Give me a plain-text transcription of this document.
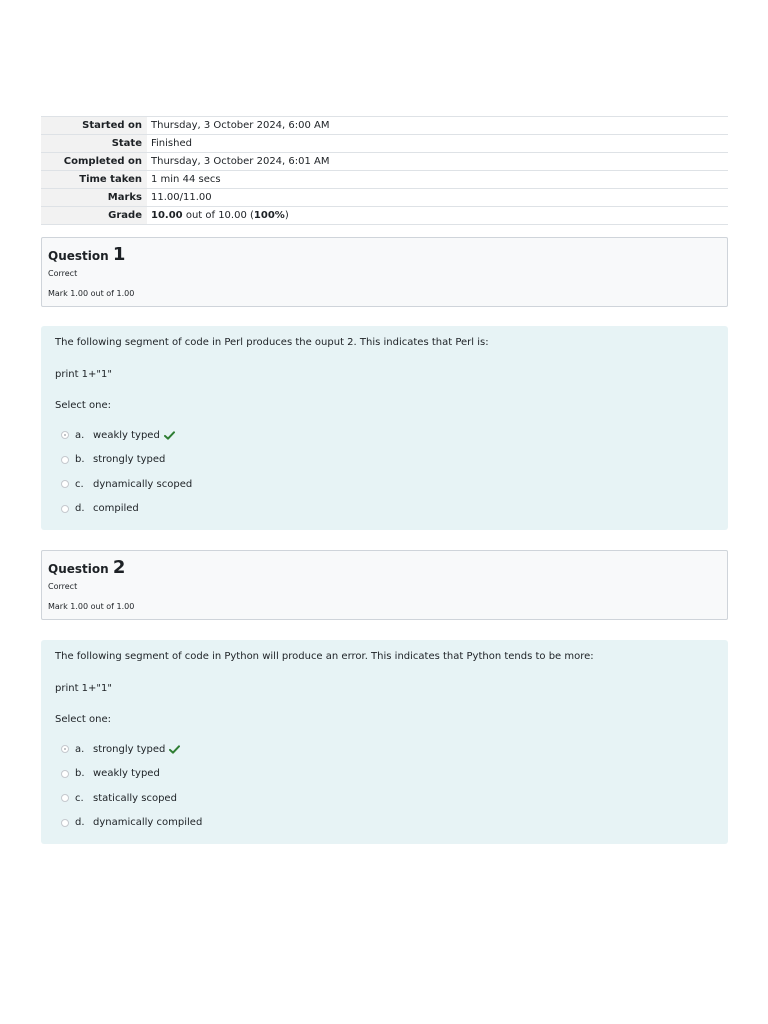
Started on	Thursday, 3 October 2024, 6:00 AM
State	Finished
Completed on	Thursday, 3 October 2024, 6:01 AM
Time taken	1 min 44 secs
Marks	11.00/11.00
Grade	10.00 out of 10.00 (100%)
Question 1
Correct
Mark 1.00 out of 1.00
The following segment of code in Perl produces the ouput 2. This indicates that Perl is:
print 1+"1"
Select one:
a. weakly typed
b. strongly typed
c. dynamically scoped
d. compiled
Question 2
Correct
Mark 1.00 out of 1.00
The following segment of code in Python will produce an error. This indicates that Python tends to be more:
print 1+"1"
Select one:
a. strongly typed
b. weakly typed
c. statically scoped
d. dynamically compiled
